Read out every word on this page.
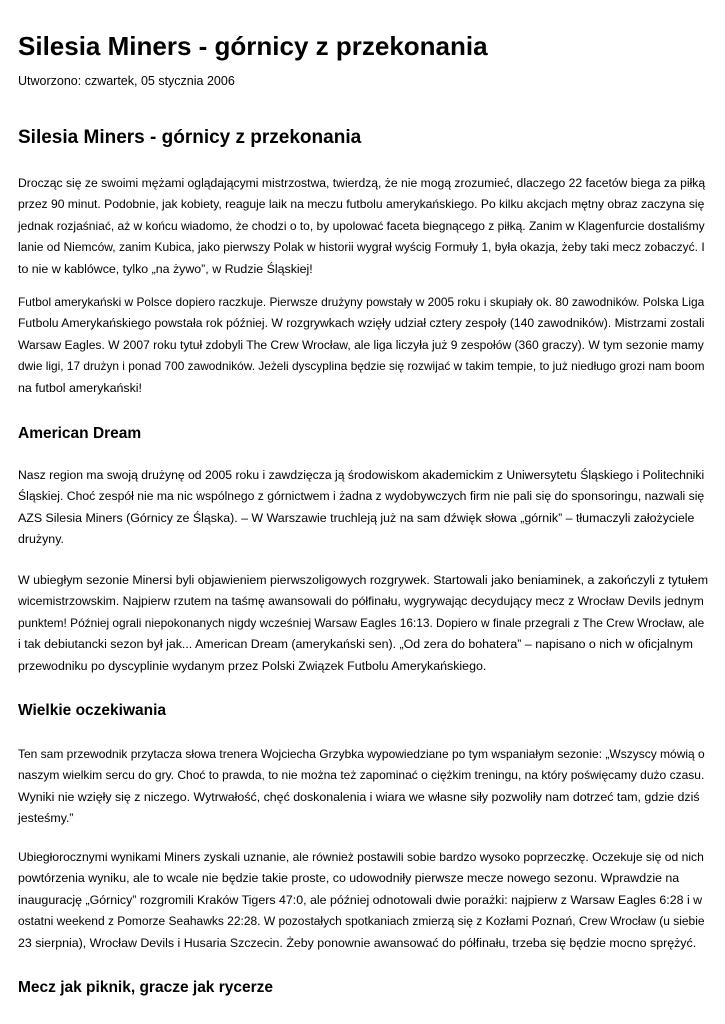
Silesia Miners - górnicy z przekonania

Utworzono: czwartek, 05 stycznia 2006

Silesia Miners - górnicy z przekonania

Drocząc się ze swoimi mężami oglądającymi mistrzostwa, twierdzą, że nie mogą zrozumieć, dlaczego 22 facetów biega za piłką
przez 90 minut. Podobnie, jak kobiety, reaguje laik na meczu futbolu amerykańskiego. Po kilku akcjach mętny obraz zaczyna się
jednak rozjaśniać, aż w końcu wiadomo, że chodzi o to, by upolować faceta biegnącego z piłką. Zanim w Klagenfurcie dostaliśmy
lanie od Niemców, zanim Kubica, jako pierwszy Polak w historii wygrał wyścig Formuły 1, była okazja, żeby taki mecz zobaczyć. I
to nie w kablówce, tylko „na żywo”, w Rudzie Śląskiej!

Futbol amerykański w Polsce dopiero raczkuje. Pierwsze drużyny powstały w 2005 roku i skupiały ok. 80 zawodników. Polska Liga
Futbolu Amerykańskiego powstała rok później. W rozgrywkach wzięły udział cztery zespoły (140 zawodników). Mistrzami zostali
Warsaw Eagles. W 2007 roku tytuł zdobyli The Crew Wrocław, ale liga liczyła już 9 zespołów (360 graczy). W tym sezonie mamy
dwie ligi, 17 drużyn i ponad 700 zawodników. Jeżeli dyscyplina będzie się rozwijać w takim tempie, to już niedługo grozi nam boom
na futbol amerykański!

American Dream

Nasz region ma swoją drużynę od 2005 roku i zawdzięcza ją środowiskom akademickim z Uniwersytetu Śląskiego i Politechniki
Śląskiej. Choć zespół nie ma nic wspólnego z górnictwem i żadna z wydobywczych firm nie pali się do sponsoringu, nazwali się
AZS Silesia Miners (Górnicy ze Śląska). – W Warszawie truchleją już na sam dźwięk słowa „górnik” – tłumaczyli założyciele
drużyny.

W ubiegłym sezonie Minersi byli objawieniem pierwszoligowych rozgrywek. Startowali jako beniaminek, a zakończyli z tytułem
wicemistrzowskim. Najpierw rzutem na taśmę awansowali do półfinału, wygrywając decydujący mecz z Wrocław Devils jednym
punktem! Później ograli niepokonanych nigdy wcześniej Warsaw Eagles 16:13. Dopiero w finale przegrali z The Crew Wrocław, ale
i tak debiutancki sezon był jak... American Dream (amerykański sen). „Od zera do bohatera” – napisano o nich w oficjalnym
przewodniku po dyscyplinie wydanym przez Polski Związek Futbolu Amerykańskiego.

Wielkie oczekiwania

Ten sam przewodnik przytacza słowa trenera Wojciecha Grzybka wypowiedziane po tym wspaniałym sezonie: „Wszyscy mówią o
naszym wielkim sercu do gry. Choć to prawda, to nie można też zapominać o ciężkim treningu, na który poświęcamy dużo czasu.
Wyniki nie wzięły się z niczego. Wytrwałość, chęć doskonalenia i wiara we własne siły pozwoliły nam dotrzeć tam, gdzie dziś
jesteśmy.”

Ubiegłorocznymi wynikami Miners zyskali uznanie, ale również postawili sobie bardzo wysoko poprzeczkę. Oczekuje się od nich
powtórzenia wyniku, ale to wcale nie będzie takie proste, co udowodniły pierwsze mecze nowego sezonu. Wprawdzie na
inaugurację „Górnicy” rozgromili Kraków Tigers 47:0, ale później odnotowali dwie porażki: najpierw z Warsaw Eagles 6:28 i w
ostatni weekend z Pomorze Seahawks 22:28. W pozostałych spotkaniach zmierzą się z Kozłami Poznań, Crew Wrocław (u siebie
23 sierpnia), Wrocław Devils i Husaria Szczecin. Żeby ponownie awansować do półfinału, trzeba się będzie mocno sprężyć.

Mecz jak piknik, gracze jak rycerze
